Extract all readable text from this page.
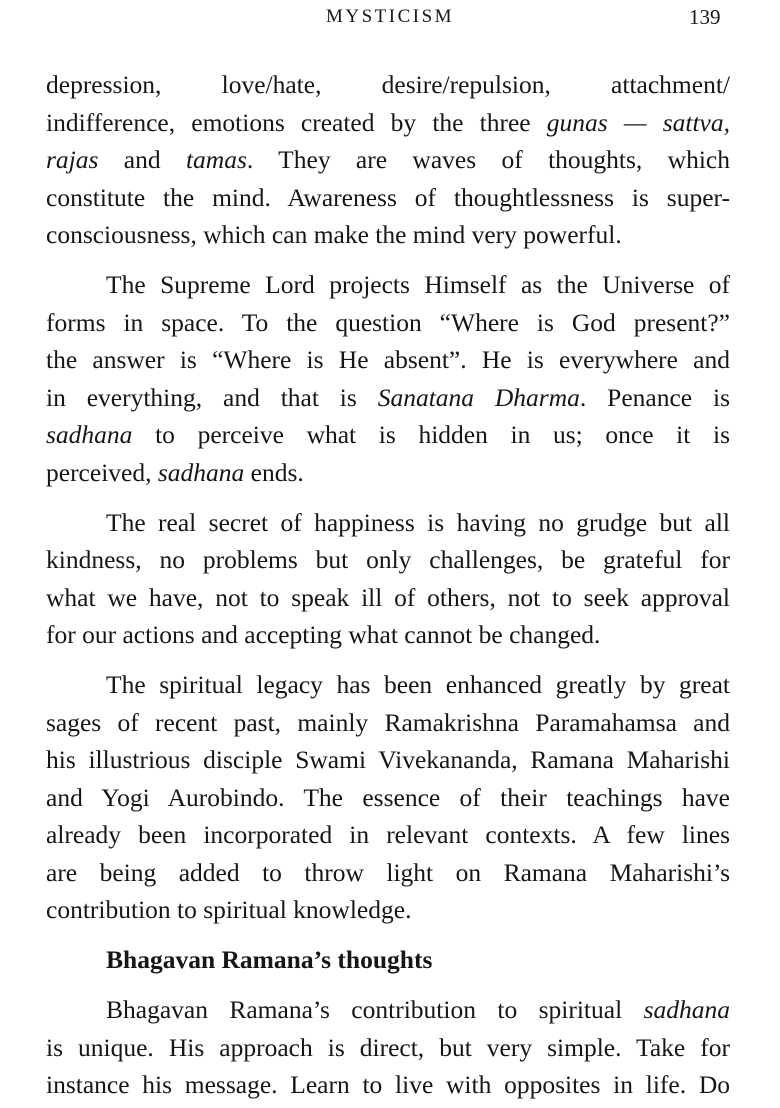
MYSTICISM	139
depression, love/hate, desire/repulsion, attachment/
indifference, emotions created by the three gunas — sattva,
rajas and tamas. They are waves of thoughts, which
constitute the mind. Awareness of thoughtlessness is super-
consciousness, which can make the mind very powerful.
The Supreme Lord projects Himself as the Universe of
forms in space. To the question “Where is God present?”
the answer is “Where is He absent”. He is everywhere and
in everything, and that is Sanatana Dharma. Penance is
sadhana to perceive what is hidden in us; once it is
perceived, sadhana ends.
The real secret of happiness is having no grudge but all
kindness, no problems but only challenges, be grateful for
what we have, not to speak ill of others, not to seek approval
for our actions and accepting what cannot be changed.
The spiritual legacy has been enhanced greatly by great
sages of recent past, mainly Ramakrishna Paramahamsa and
his illustrious disciple Swami Vivekananda, Ramana Maharishi
and Yogi Aurobindo. The essence of their teachings have
already been incorporated in relevant contexts. A few lines
are being added to throw light on Ramana Maharishi’s
contribution to spiritual knowledge.
Bhagavan Ramana’s thoughts
Bhagavan Ramana’s contribution to spiritual sadhana
is unique. His approach is direct, but very simple. Take for
instance his message. Learn to live with opposites in life. Do
